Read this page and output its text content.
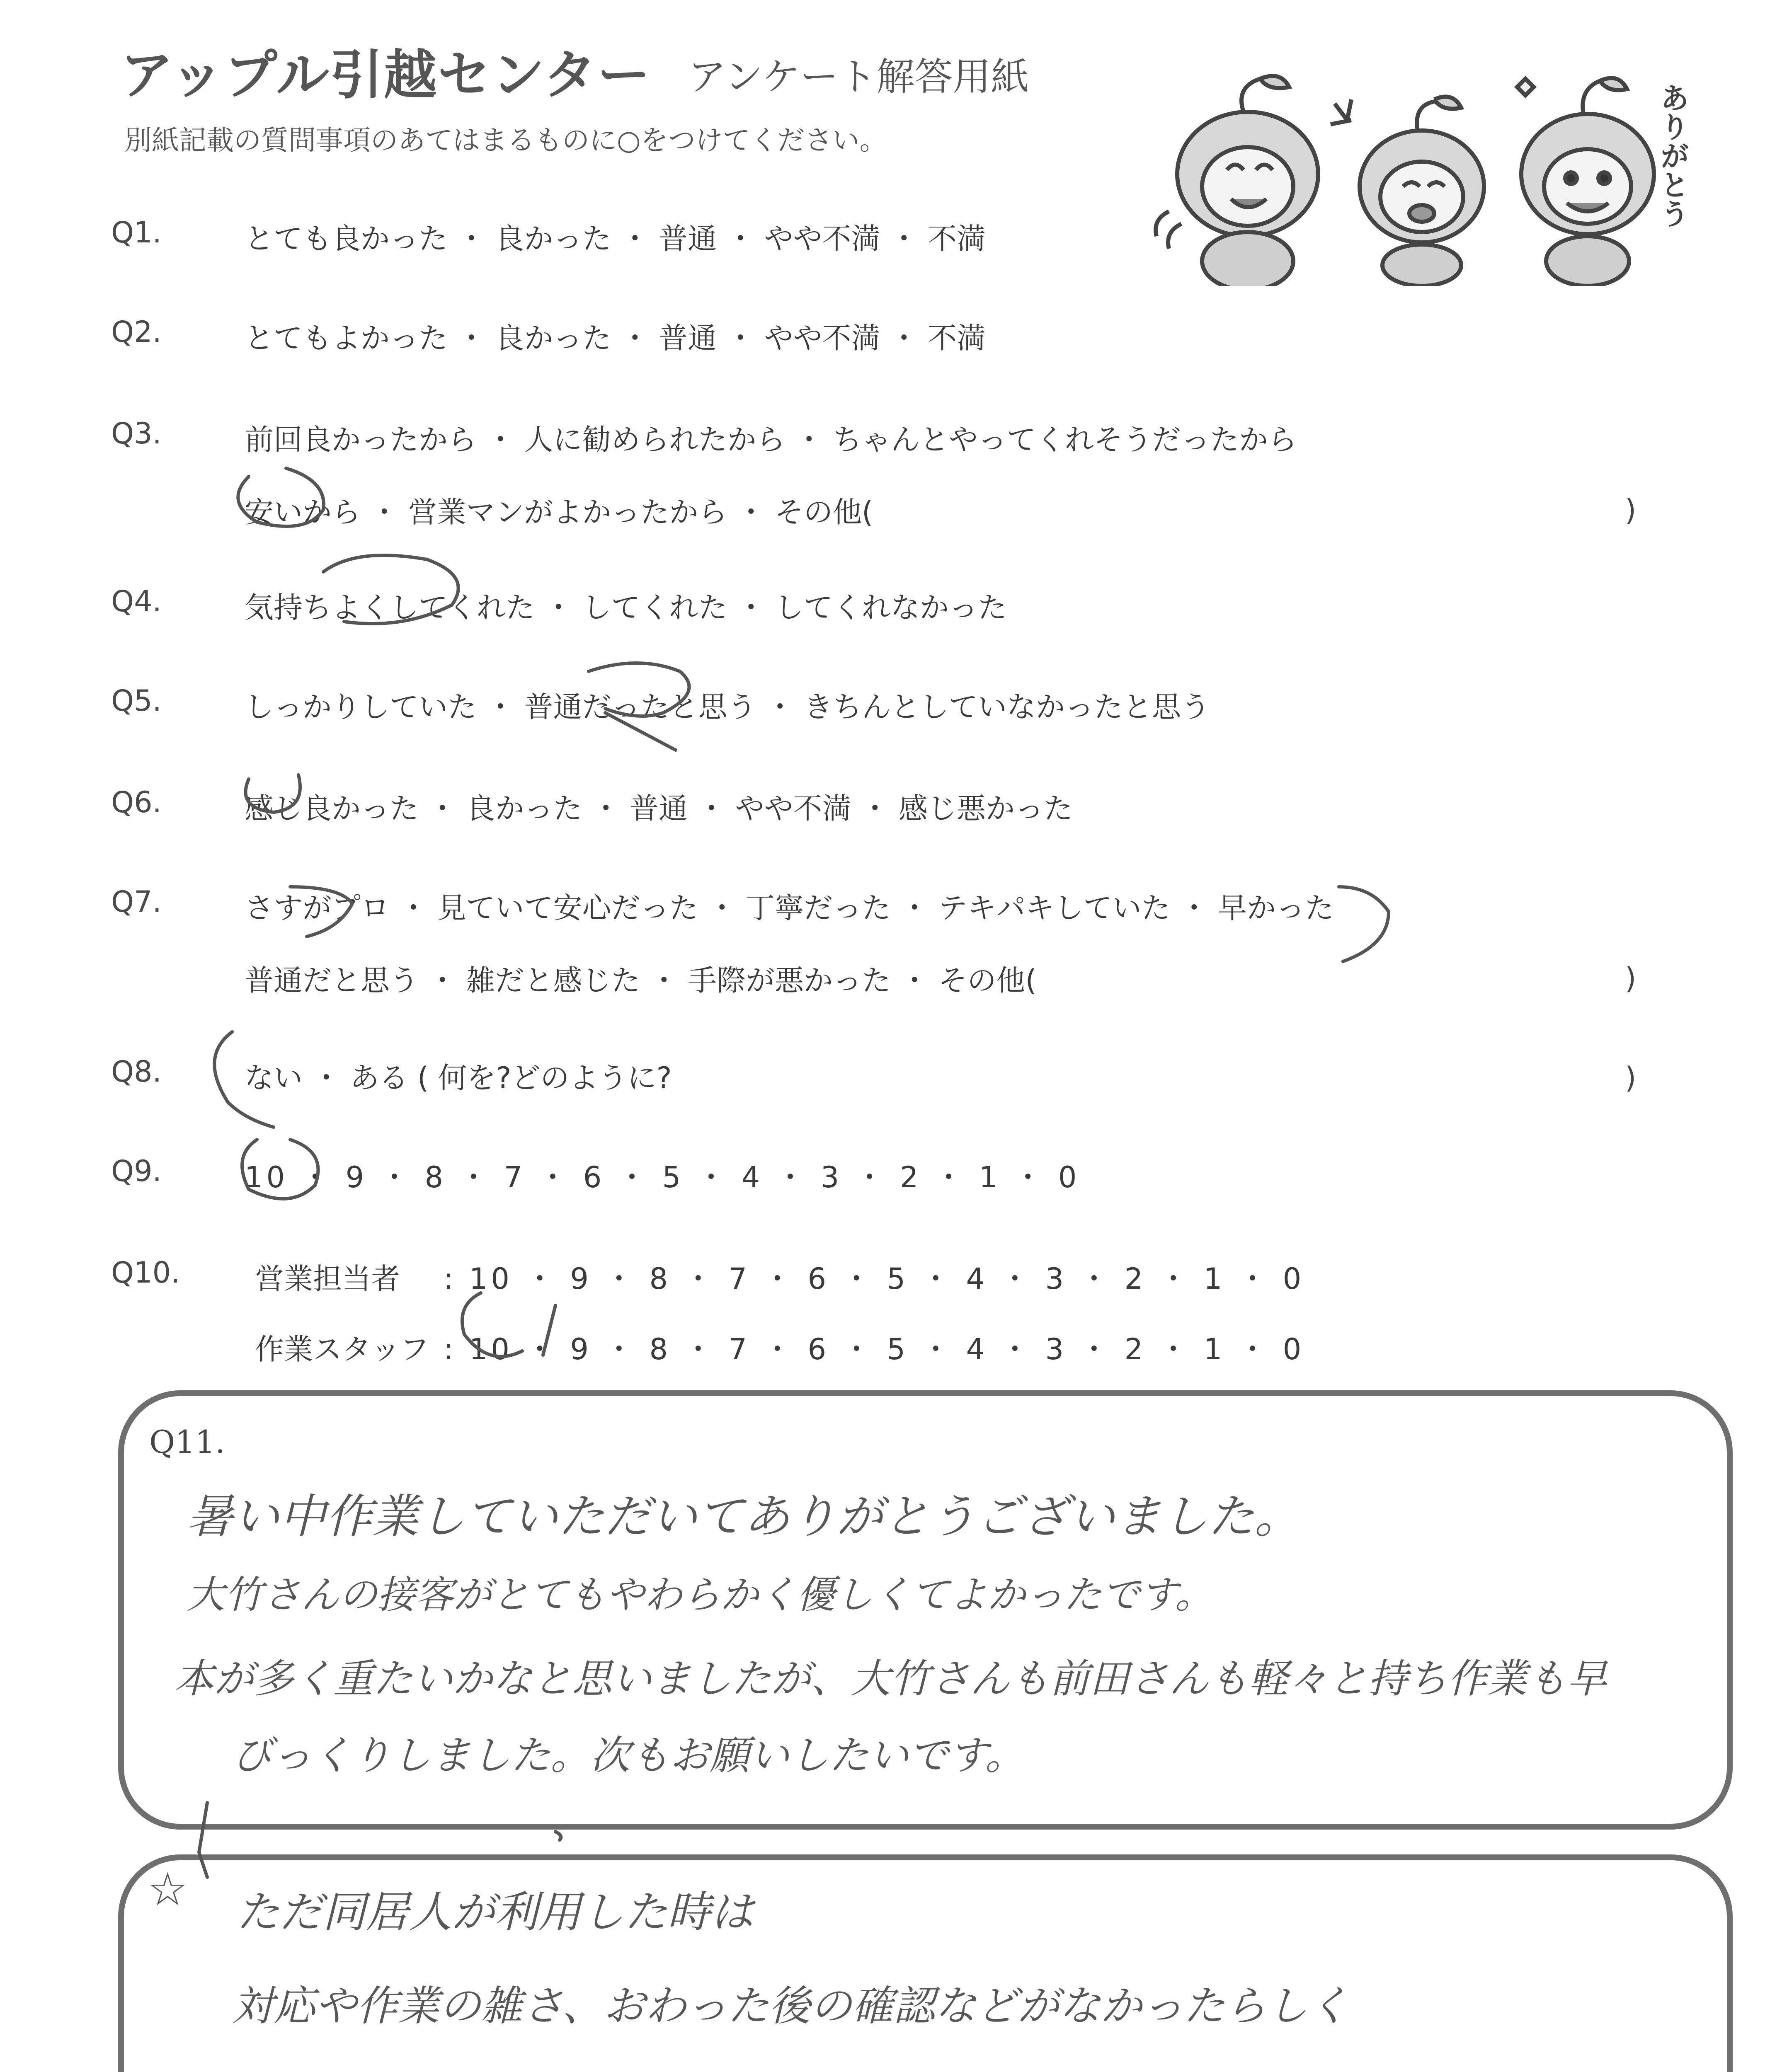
アップル引越センター アンケート解答用紙
別紙記載の質問事項のあてはまるものに○をつけてください。	ありがとう
Q1.	とても良かった ・ 良かった ・ 普通 ・ やや不満 ・ 不満
Q2.	とてもよかった ・ 良かった ・ 普通 ・ やや不満 ・ 不満
Q3.	前回良かったから ・ 人に勧められたから ・ ちゃんとやってくれそうだったから
安いから ・ 営業マンがよかったから ・ その他(	)
Q4.	気持ちよくしてくれた ・ してくれた ・ してくれなかった
Q5.	しっかりしていた ・ 普通だったと思う ・ きちんとしていなかったと思う
Q6.	感じ良かった ・ 良かった ・ 普通 ・ やや不満 ・ 感じ悪かった
Q7.	さすがプロ ・ 見ていて安心だった ・ 丁寧だった ・ テキパキしていた ・ 早かった
普通だと思う ・ 雑だと感じた ・ 手際が悪かった ・ その他(	)
Q8.	ない ・ ある ( 何を?どのように?	)
Q9.	10 ・ 9 ・ 8 ・ 7 ・ 6 ・ 5 ・ 4 ・ 3 ・ 2 ・ 1 ・ 0
Q10.	営業担当者 : 10 ・ 9 ・ 8 ・ 7 ・ 6 ・ 5 ・ 4 ・ 3 ・ 2 ・ 1 ・ 0
作業スタッフ : 10 ・ 9 ・ 8 ・ 7 ・ 6 ・ 5 ・ 4 ・ 3 ・ 2 ・ 1 ・ 0
Q11.
暑い中作業していただいてありがとうございました。
大竹さんの接客がとてもやわらかく優しくてよかったです。
本が多く重たいかなと思いましたが、大竹さんも前田さんも軽々と持ち作業も早
びっくりしました。次もお願いしたいです。
☆ ただ同居人が利用した時は
対応や作業の雑さ、おわった後の確認などがなかったらしく
